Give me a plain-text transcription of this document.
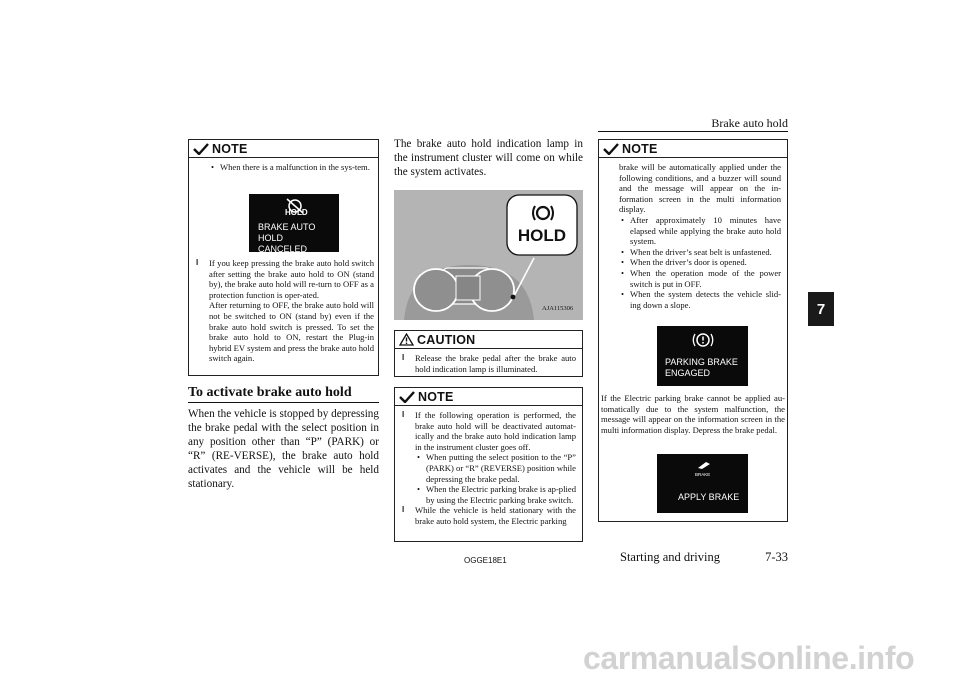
Brake auto hold
7
NOTE

• When there is a malfunction in the sys-tem.

HOLD
BRAKE AUTO HOLD
CANCELED

l If you keep pressing the brake auto hold switch after setting the brake auto hold to ON (stand by), the brake auto hold will re-turn to OFF as a protection function is oper-ated.

After returning to OFF, the brake auto hold will not be switched to ON (stand by) even if the brake auto hold switch is pressed. To set the brake auto hold to ON, restart the Plug-in hybrid EV system and press the brake auto hold switch again.

To activate brake auto hold
When the vehicle is stopped by depressing the brake pedal with the select position in any position other than “P” (PARK) or “R” (RE-VERSE), the brake auto hold activates and the vehicle will be held stationary.
The brake auto hold indication lamp in the instrument cluster will come on while the system activates.
HOLD
AJA115306
CAUTION

l Release the brake pedal after the brake auto hold indication lamp is illuminated.

NOTE

l If the following operation is performed, the brake auto hold will be deactivated automat-ically and the brake auto hold indication lamp in the instrument cluster goes off.

• When putting the select position to the “P” (PARK) or “R” (REVERSE) position while depressing the brake pedal.

• When the Electric parking brake is ap-plied by using the Electric parking brake switch.

l While the vehicle is held stationary with the brake auto hold system, the Electric parking

NOTE

brake will be automatically applied under the following conditions, and a buzzer will sound and the message will appear on the in-formation screen in the multi information display.

• After approximately 10 minutes have elapsed while applying the brake auto hold system.

• When the driver’s seat belt is unfastened.

• When the driver’s door is opened.

• When the operation mode of the power switch is put in OFF.

• When the system detects the vehicle slid-ing down a slope.

PARKING BRAKE
ENGAGED
If the Electric parking brake cannot be applied au-tomatically due to the system malfunction, the message will appear on the information screen in the multi information display. Depress the brake pedal.
BRAKE
APPLY BRAKE
OGGE18E1	Starting and driving	7-33
carmanualsonline.info
